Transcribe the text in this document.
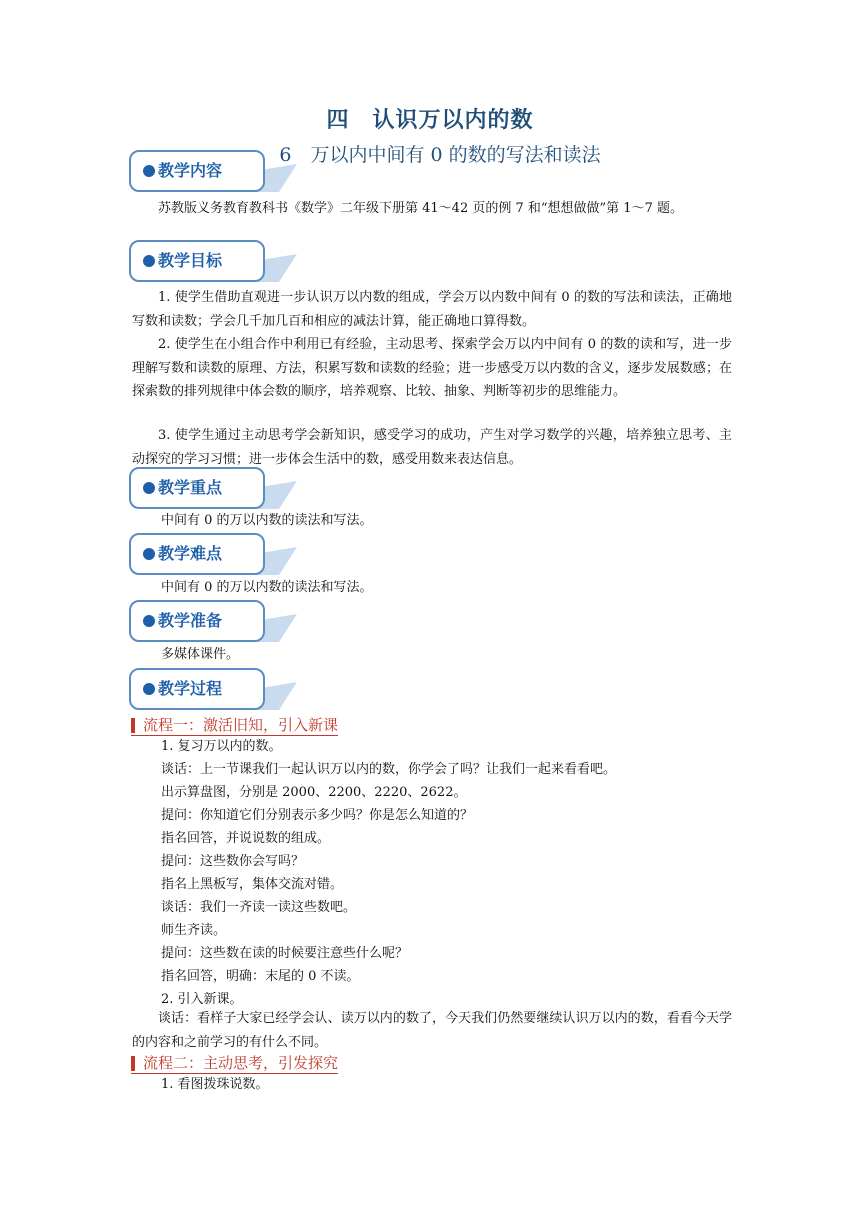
四　认识万以内的数
6　万以内中间有 0 的数的写法和读法
教学内容

苏教版义务教育教科书《数学》二年级下册第 41～42 页的例 7 和“想想做做”第 1～7 题。

教学目标

1. 使学生借助直观进一步认识万以内数的组成，学会万以内数中间有 0 的数的写法和读法，正确地写数和读数；学会几千加几百和相应的减法计算，能正确地口算得数。

2. 使学生在小组合作中利用已有经验，主动思考、探索学会万以内中间有 0 的数的读和写，进一步理解写数和读数的原理、方法，积累写数和读数的经验；进一步感受万以内数的含义，逐步发展数感；在探索数的排列规律中体会数的顺序，培养观察、比较、抽象、判断等初步的思维能力。

3. 使学生通过主动思考学会新知识，感受学习的成功，产生对学习数学的兴趣，培养独立思考、主动探究的学习习惯；进一步体会生活中的数，感受用数来表达信息。

教学重点
中间有 0 的万以内数的读法和写法。
教学难点
中间有 0 的万以内数的读法和写法。
教学准备
多媒体课件。
教学过程
流程一：激活旧知，引入新课
1. 复习万以内的数。
谈话：上一节课我们一起认识万以内的数，你学会了吗？让我们一起来看看吧。
出示算盘图，分别是 2000、2200、2220、2622。
提问：你知道它们分别表示多少吗？你是怎么知道的？
指名回答，并说说数的组成。
提问：这些数你会写吗？
指名上黑板写，集体交流对错。
谈话：我们一齐读一读这些数吧。
师生齐读。
提问：这些数在读的时候要注意些什么呢？
指名回答，明确：末尾的 0 不读。
2. 引入新课。

谈话：看样子大家已经学会认、读万以内的数了，今天我们仍然要继续认识万以内的数，看看今天学的内容和之前学习的有什么不同。

流程二：主动思考，引发探究
1. 看图拨珠说数。
